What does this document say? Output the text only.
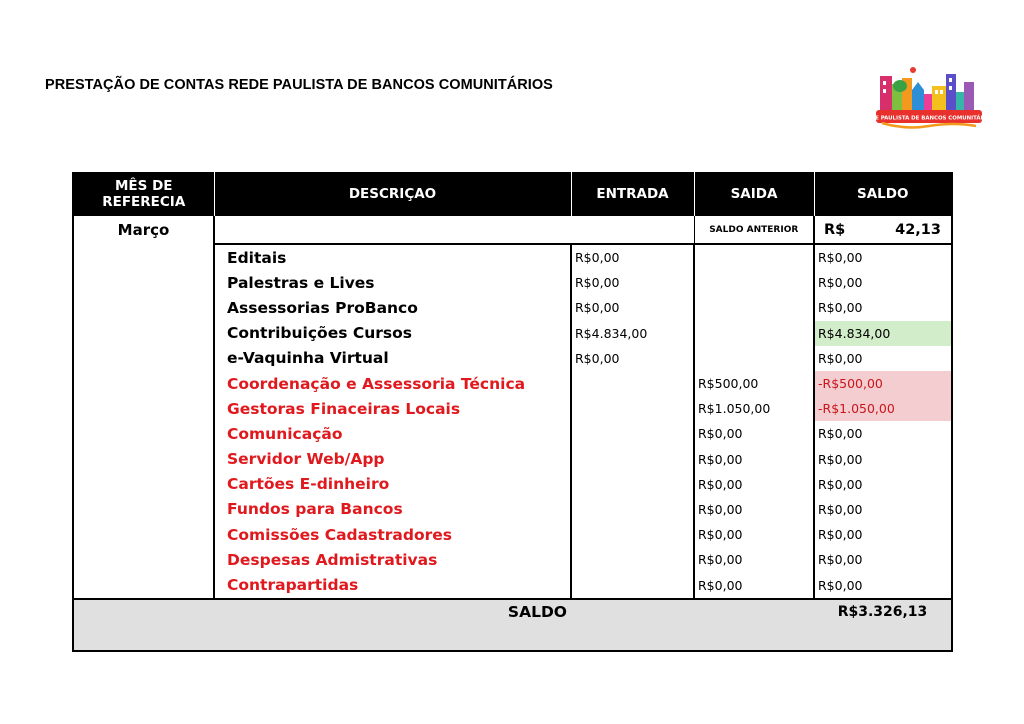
PRESTAÇÃO DE CONTAS REDE PAULISTA DE BANCOS COMUNITÁRIOS
REDE PAULISTA DE BANCOS COMUNITÁRIOS
MÊS DE REFERECIA	DESCRIÇAO	ENTRADA	SAIDA	SALDO

Março			SALDO ANTERIOR	R$ 42,13

	Editais	R$0,00		R$0,00
	Palestras e Lives	R$0,00		R$0,00
	Assessorias ProBanco	R$0,00		R$0,00
	Contribuições Cursos	R$4.834,00		R$4.834,00
	e-Vaquinha Virtual	R$0,00		R$0,00
	Coordenação e Assessoria Técnica		R$500,00	-R$500,00
	Gestoras Finaceiras Locais		R$1.050,00	-R$1.050,00
	Comunicação		R$0,00	R$0,00
	Servidor Web/App		R$0,00	R$0,00
	Cartões E-dinheiro		R$0,00	R$0,00
	Fundos para Bancos		R$0,00	R$0,00
	Comissões Cadastradores		R$0,00	R$0,00
	Despesas Admistrativas		R$0,00	R$0,00
	Contrapartidas		R$0,00	R$0,00

SALDO				R$3.326,13
